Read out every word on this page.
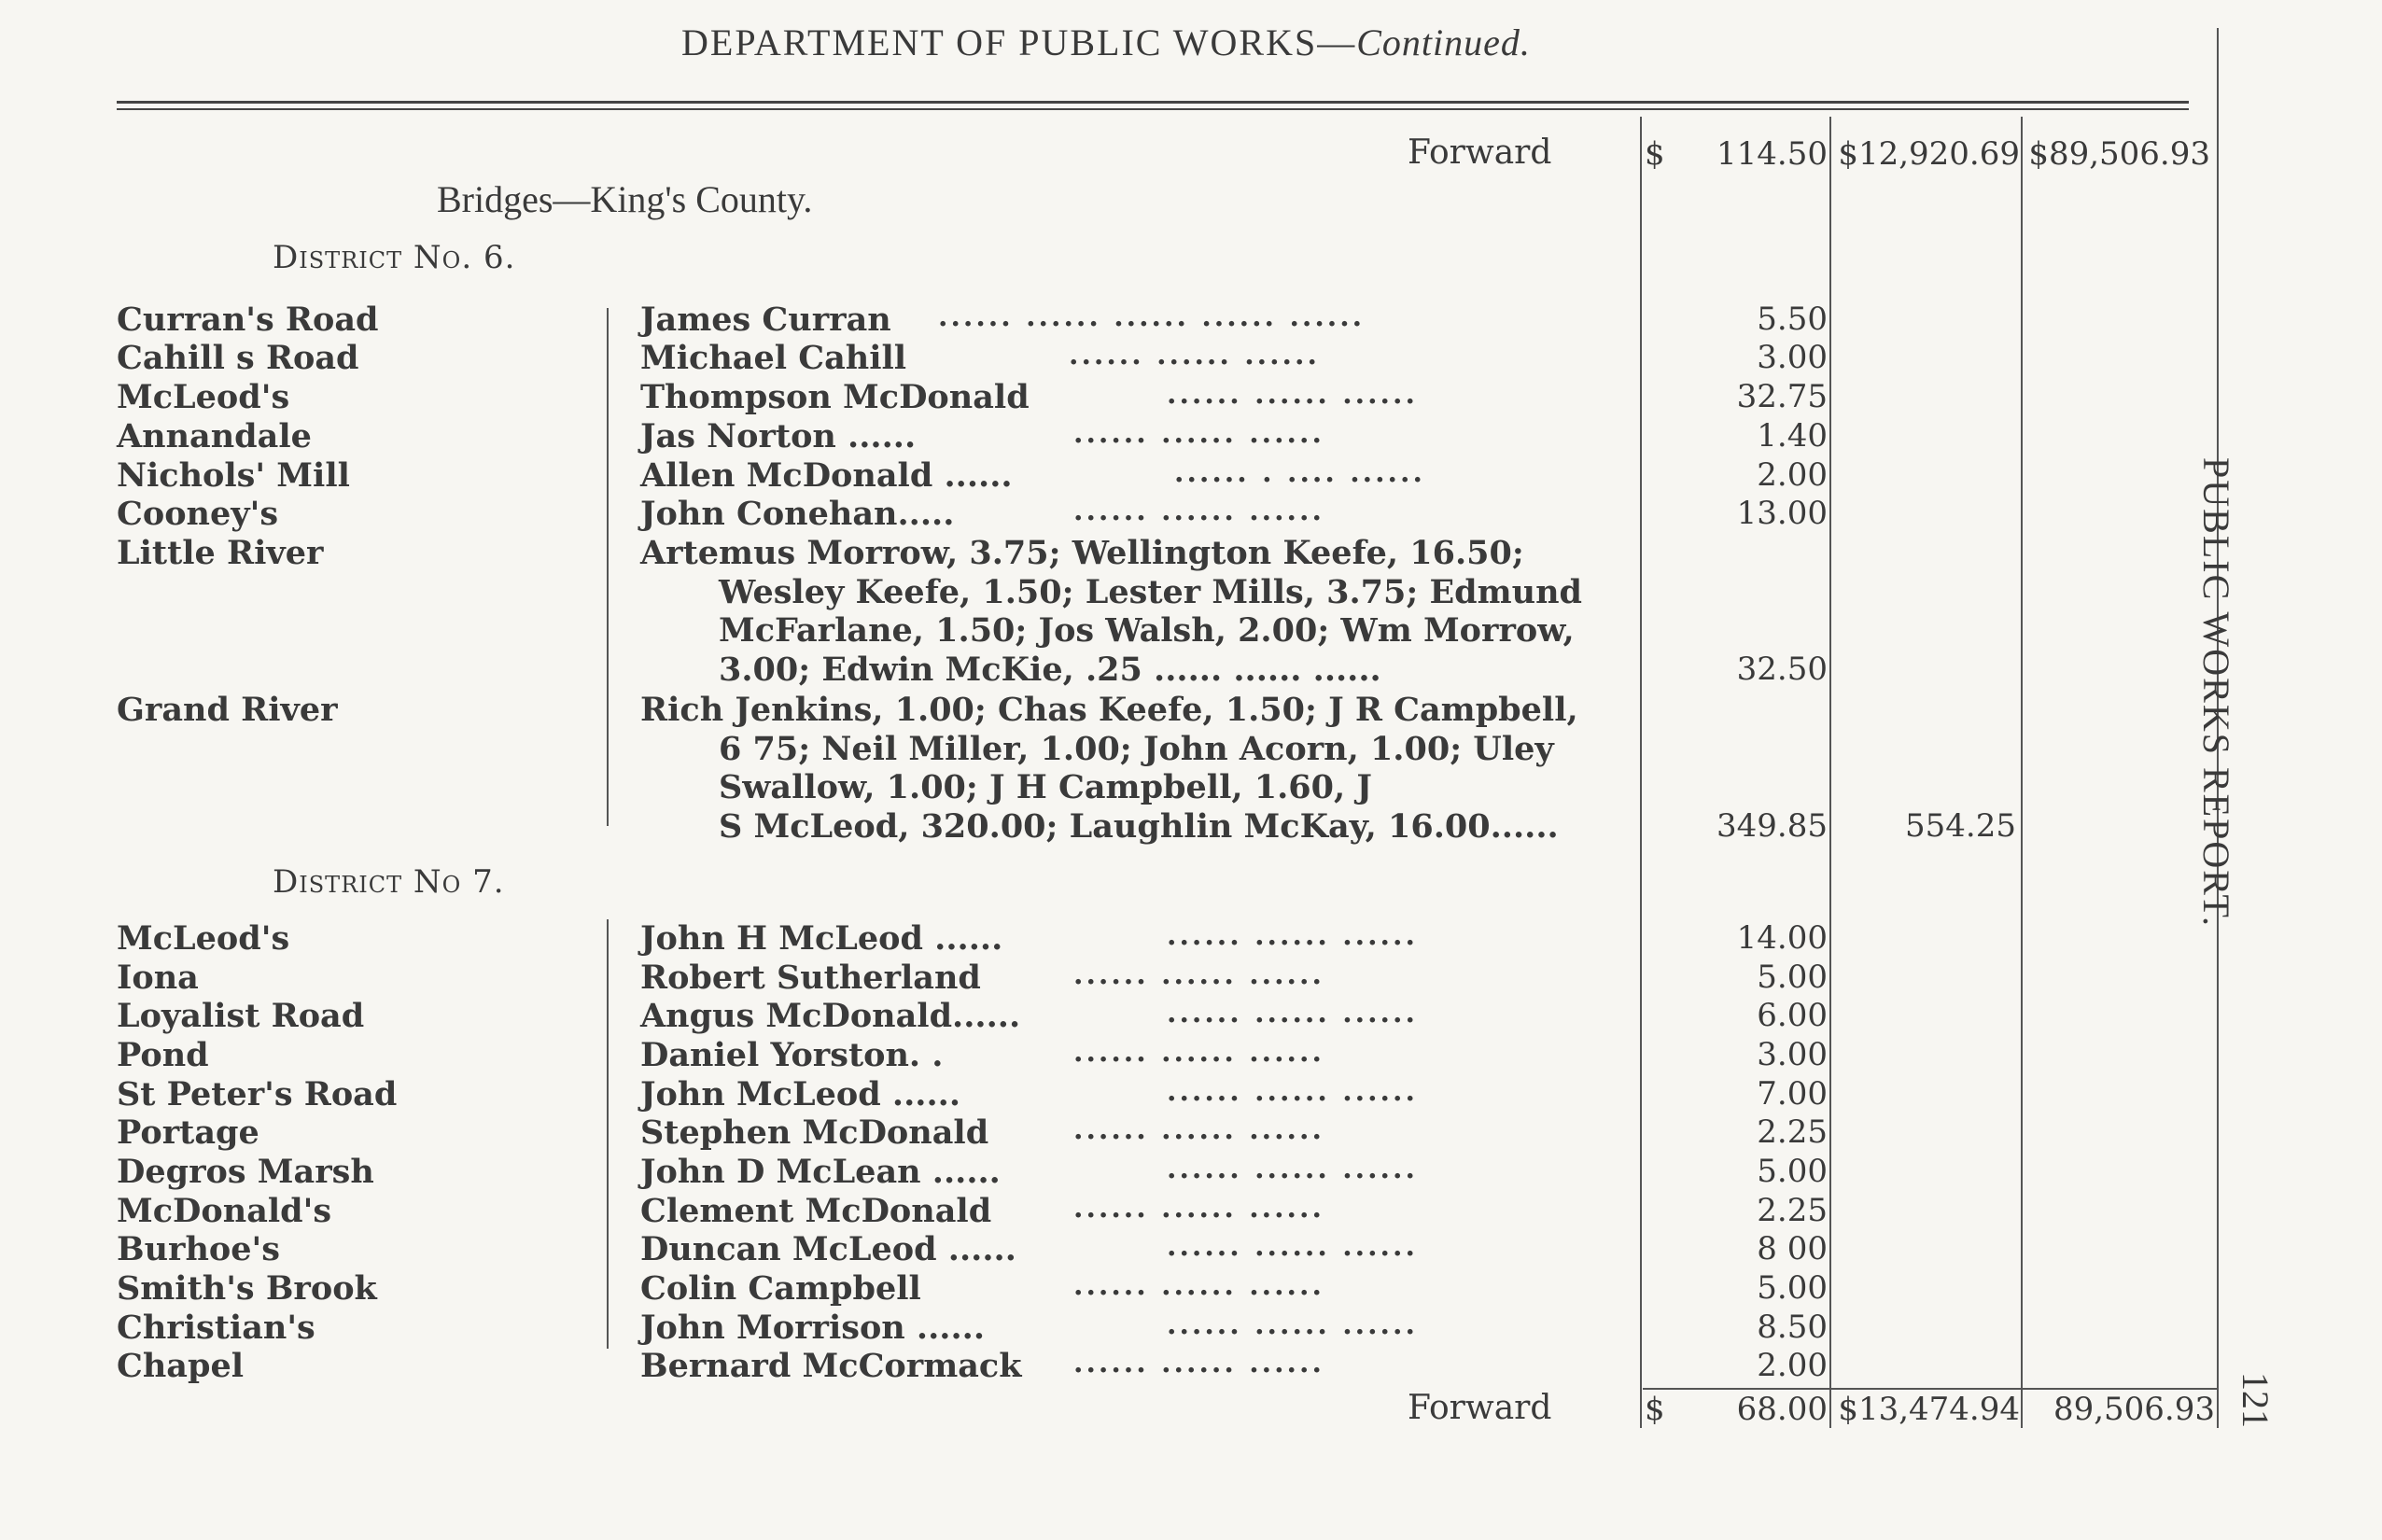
DEPARTMENT OF PUBLIC WORKS—Continued.
Forward	$	114.50 $12,920.69 $89,506.93
Bridges—King's County.
District No. 6.
Curran's Road	James Curran ...... ...... ...... ...... ......	5.50
Cahill s Road	Michael Cahill	...... ...... ......	3.00
McLeod's	Thompson McDonald	...... ...... ......	32.75
Annandale	Jas Norton ......	...... ...... ......	1.40
Nichols' Mill	Allen McDonald ......	...... . .... ......	2.00
Cooney's	John Conehan.....	...... ...... ......	13.00
Little River	Artemus Morrow, 3.75; Wellington Keefe, 16.50;
Wesley Keefe, 1.50; Lester Mills, 3.75; Edmund
McFarlane, 1.50; Jos Walsh, 2.00; Wm Morrow,
3.00; Edwin McKie, .25 ...... ...... ......	32.50
Grand River	Rich Jenkins, 1.00; Chas Keefe, 1.50; J R Campbell,
6 75; Neil Miller, 1.00; John Acorn, 1.00; Uley
Swallow, 1.00; J H Campbell, 1.60, J
S McLeod, 320.00; Laughlin McKay, 16.00......	349.85	554.25
District No 7.
McLeod's	John H McLeod ......	...... ...... ......	14.00
Iona	Robert Sutherland	...... ...... ......	5.00
Loyalist Road	Angus McDonald......	...... ...... ......	6.00
Pond	Daniel Yorston. .	...... ...... ......	3.00
St Peter's Road	John McLeod ......	...... ...... ......	7.00
Portage	Stephen McDonald	...... ...... ......	2.25
Degros Marsh	John D McLean ......	...... ...... ......	5.00
McDonald's	Clement McDonald	...... ...... ......	2.25
Burhoe's	Duncan McLeod ......	...... ...... ......	8 00
Smith's Brook	Colin Campbell	...... ...... ......	5.00
Christian's	John Morrison ......	...... ...... ......	8.50
Chapel	Bernard McCormack ...... ...... ......	2.00
Forward	$	68.00 $13,474.94	89,506.93
PUBLIC WORKS REPORT.
121
